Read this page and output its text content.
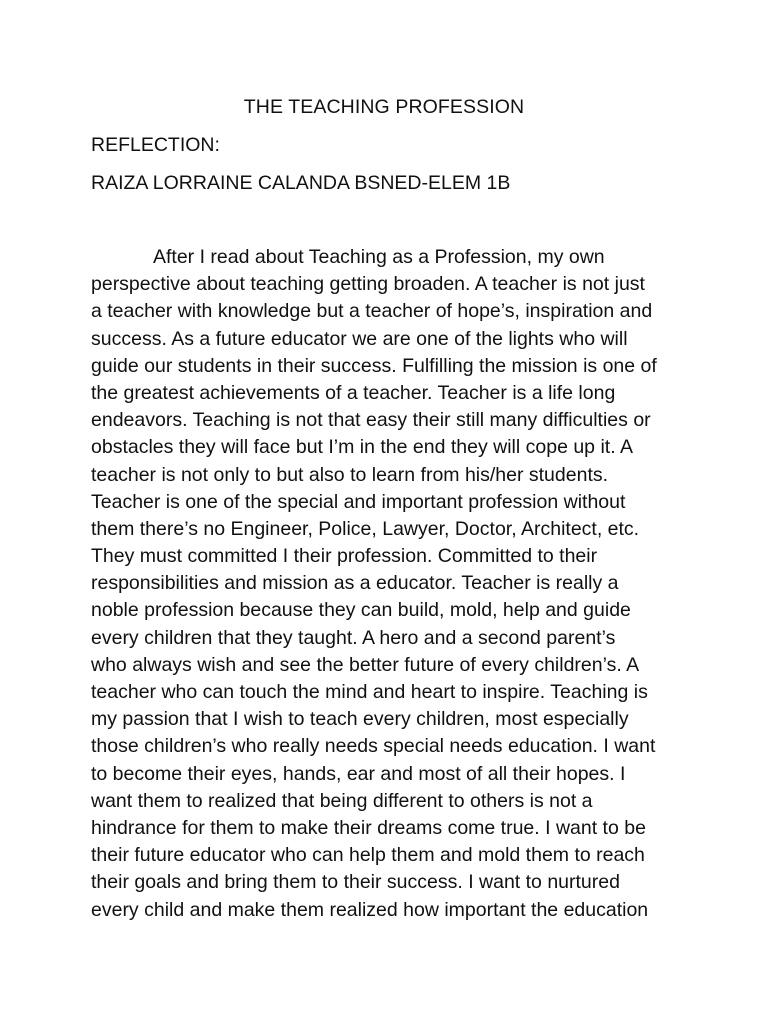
THE TEACHING PROFESSION
REFLECTION:
RAIZA LORRAINE CALANDA BSNED-ELEM 1B
After I read about Teaching as a Profession, my own
perspective about teaching getting broaden. A teacher is not just
a teacher with knowledge but a teacher of hope’s, inspiration and
success. As a future educator we are one of the lights who will
guide our students in their success. Fulfilling the mission is one of
the greatest achievements of a teacher. Teacher is a life long
endeavors. Teaching is not that easy their still many difficulties or
obstacles they will face but I’m in the end they will cope up it. A
teacher is not only to but also to learn from his/her students.
Teacher is one of the special and important profession without
them there’s no Engineer, Police, Lawyer, Doctor, Architect, etc.
They must committed I their profession. Committed to their
responsibilities and mission as a educator. Teacher is really a
noble profession because they can build, mold, help and guide
every children that they taught. A hero and a second parent’s
who always wish and see the better future of every children’s. A
teacher who can touch the mind and heart to inspire. Teaching is
my passion that I wish to teach every children, most especially
those children’s who really needs special needs education. I want
to become their eyes, hands, ear and most of all their hopes. I
want them to realized that being different to others is not a
hindrance for them to make their dreams come true. I want to be
their future educator who can help them and mold them to reach
their goals and bring them to their success. I want to nurtured
every child and make them realized how important the education
